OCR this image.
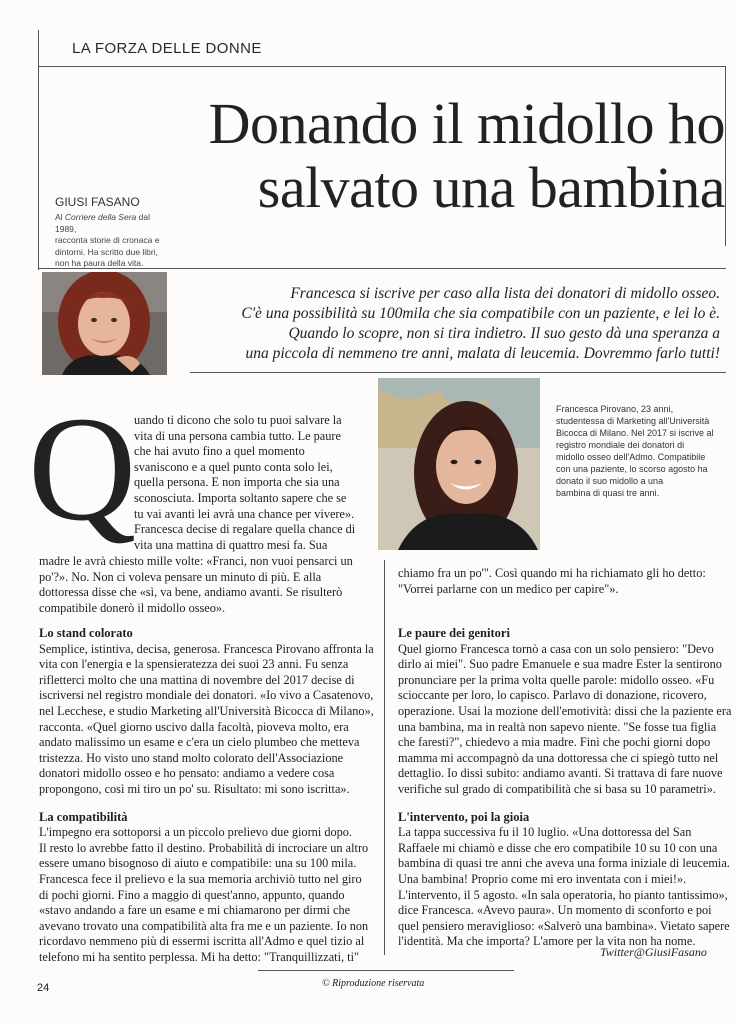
LA FORZA DELLE DONNE
Donando il midollo ho
salvato una bambina
GIUSI FASANO
Al Corriere della Sera dal 1989,
racconta storie di cronaca e
dintorni. Ha scritto due libri,
non ha paura della vita.
Francesca si iscrive per caso alla lista dei donatori di midollo osseo.
C'è una possibilità su 100mila che sia compatibile con un paziente, e lei lo è.
Quando lo scopre, non si tira indietro. Il suo gesto dà una speranza a
una piccola di nemmeno tre anni, malata di leucemia. Dovremmo farlo tutti!
Francesca Pirovano, 23 anni,
studentessa di Marketing all'Università
Bicocca di Milano. Nel 2017 si iscrive al
registro mondiale dei donatori di
midollo osseo dell'Admo. Compatibile
con una paziente, lo scorso agosto ha
donato il suo midollo a una
bambina di quasi tre anni.
Q
uando ti dicono che solo tu puoi salvare la
vita di una persona cambia tutto. Le paure
che hai avuto fino a quel momento
svaniscono e a quel punto conta solo lei,
quella persona. E non importa che sia una
sconosciuta. Importa soltanto sapere che se
tu vai avanti lei avrà una chance per vivere».
Francesca decise di regalare quella chance di
vita una mattina di quattro mesi fa. Sua
madre le avrà chiesto mille volte: «Franci, non vuoi pensarci un
po'?». No. Non ci voleva pensare un minuto di più. E alla
dottoressa disse che «sì, va bene, andiamo avanti. Se risulterò
compatibile donerò il midollo osseo».
Lo stand colorato
Semplice, istintiva, decisa, generosa. Francesca Pirovano affronta la
vita con l'energia e la spensieratezza dei suoi 23 anni. Fu senza
rifletterci molto che una mattina di novembre del 2017 decise di
iscriversi nel registro mondiale dei donatori. «Io vivo a Casatenovo,
nel Lecchese, e studio Marketing all'Università Bicocca di Milano»,
racconta. «Quel giorno uscivo dalla facoltà, pioveva molto, era
andato malissimo un esame e c'era un cielo plumbeo che metteva
tristezza. Ho visto uno stand molto colorato dell'Associazione
donatori midollo osseo e ho pensato: andiamo a vedere cosa
propongono, così mi tiro un po' su. Risultato: mi sono iscritta».
La compatibilità
L'impegno era sottoporsi a un piccolo prelievo due giorni dopo.
Il resto lo avrebbe fatto il destino. Probabilità di incrociare un altro
essere umano bisognoso di aiuto e compatibile: una su 100 mila.
Francesca fece il prelievo e la sua memoria archiviò tutto nel giro
di pochi giorni. Fino a maggio di quest'anno, appunto, quando
«stavo andando a fare un esame e mi chiamarono per dirmi che
avevano trovato una compatibilità alta fra me e un paziente. Io non
ricordavo nemmeno più di essermi iscritta all'Admo e quel tizio al
telefono mi ha sentito perplessa. Mi ha detto: "Tranquillizzati, ti"
chiamo fra un po'". Così quando mi ha richiamato gli ho detto:
"Vorrei parlarne con un medico per capire"».
Le paure dei genitori
Quel giorno Francesca tornò a casa con un solo pensiero: "Devo
dirlo ai miei". Suo padre Emanuele e sua madre Ester la sentirono
pronunciare per la prima volta quelle parole: midollo osseo. «Fu
scioccante per loro, lo capisco. Parlavo di donazione, ricovero,
operazione. Usai la mozione dell'emotività: dissi che la paziente era
una bambina, ma in realtà non sapevo niente. "Se fosse tua figlia
che faresti?", chiedevo a mia madre. Finì che pochi giorni dopo
mamma mi accompagnò da una dottoressa che ci spiegò tutto nel
dettaglio. Io dissi subito: andiamo avanti. Si trattava di fare nuove
verifiche sul grado di compatibilità che si basa su 10 parametri».
L'intervento, poi la gioia
La tappa successiva fu il 10 luglio. «Una dottoressa del San
Raffaele mi chiamò e disse che ero compatibile 10 su 10 con una
bambina di quasi tre anni che aveva una forma iniziale di leucemia.
Una bambina! Proprio come mi ero inventata con i miei!».
L'intervento, il 5 agosto. «In sala operatoria, ho pianto tantissimo»,
dice Francesca. «Avevo paura». Un momento di sconforto e poi
quel pensiero meraviglioso: «Salverò una bambina». Vietato sapere
l'identità. Ma che importa? L'amore per la vita non ha nome.
Twitter@GiusiFasano
24	© Riproduzione riservata
